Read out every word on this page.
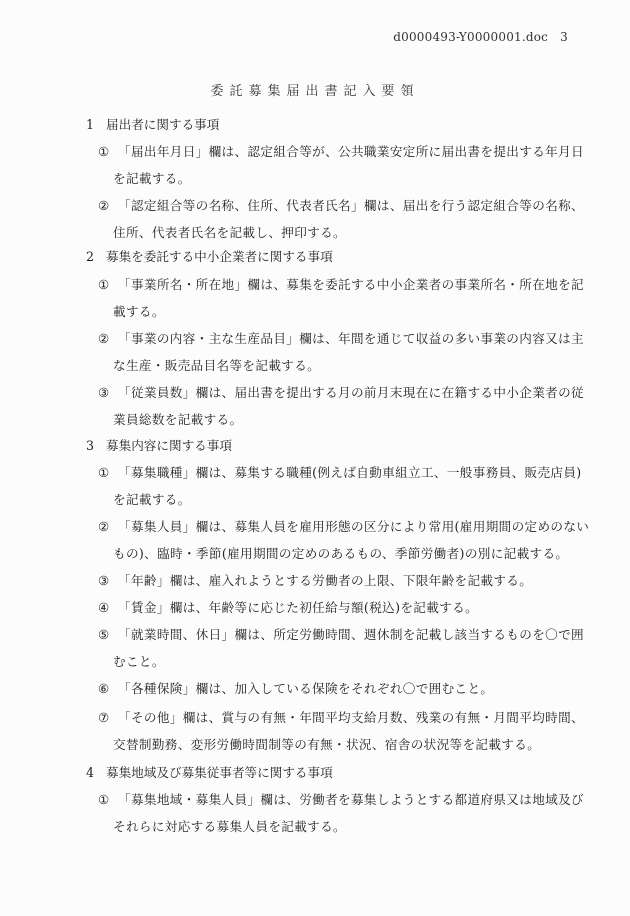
d0000493-Y0000001.doc 3
委託募集届出書記入要領
1 届出者に関する事項
① 「届出年月日」欄は、認定組合等が、公共職業安定所に届出書を提出する年月日
を記載する。
② 「認定組合等の名称、住所、代表者氏名」欄は、届出を行う認定組合等の名称、
住所、代表者氏名を記載し、押印する。
2 募集を委託する中小企業者に関する事項
① 「事業所名・所在地」欄は、募集を委託する中小企業者の事業所名・所在地を記
載する。
② 「事業の内容・主な生産品目」欄は、年間を通じて収益の多い事業の内容又は主
な生産・販売品目名等を記載する。
③ 「従業員数」欄は、届出書を提出する月の前月末現在に在籍する中小企業者の従
業員総数を記載する。
3 募集内容に関する事項
① 「募集職種」欄は、募集する職種(例えば自動車組立工、一般事務員、販売店員)
を記載する。
② 「募集人員」欄は、募集人員を雇用形態の区分により常用(雇用期間の定めのない
もの)、臨時・季節(雇用期間の定めのあるもの、季節労働者)の別に記載する。
③ 「年齢」欄は、雇入れようとする労働者の上限、下限年齢を記載する。
④ 「賃金」欄は、年齢等に応じた初任給与額(税込)を記載する。
⑤ 「就業時間、休日」欄は、所定労働時間、週休制を記載し該当するものを〇で囲
むこと。
⑥ 「各種保険」欄は、加入している保険をそれぞれ〇で囲むこと。
⑦ 「その他」欄は、賞与の有無・年間平均支給月数、残業の有無・月間平均時間、
交替制勤務、変形労働時間制等の有無・状況、宿舎の状況等を記載する。
4 募集地域及び募集従事者等に関する事項
① 「募集地域・募集人員」欄は、労働者を募集しようとする都道府県又は地域及び
それらに対応する募集人員を記載する。
